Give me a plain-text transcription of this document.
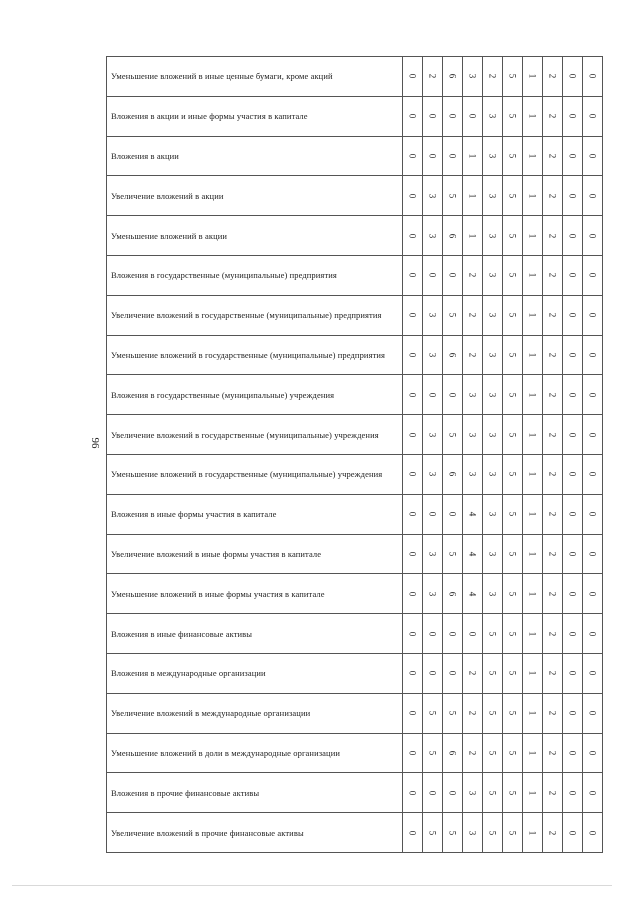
96
Уменьшение вложений в иные ценные бумаги, кроме акций	0	2	6	3	2	5	1	2	0	0

Вложения в акции и иные формы участия в капитале	0	0	0	0	3	5	1	2	0	0

Вложения в акции	0	0	0	1	3	5	1	2	0	0

Увеличение вложений в акции	0	3	5	1	3	5	1	2	0	0

Уменьшение вложений в акции	0	3	6	1	3	5	1	2	0	0

Вложения в государственные (муниципальные) предприятия	0	0	0	2	3	5	1	2	0	0

Увеличение вложений в государственные (муниципальные) предприятия	0	3	5	2	3	5	1	2	0	0

Уменьшение вложений в государственные (муниципальные) предприятия	0	3	6	2	3	5	1	2	0	0

Вложения в государственные (муниципальные) учреждения	0	0	0	3	3	5	1	2	0	0

Увеличение вложений в государственные (муниципальные) учреждения	0	3	5	3	3	5	1	2	0	0

Уменьшение вложений в государственные (муниципальные) учреждения	0	3	6	3	3	5	1	2	0	0

Вложения в иные формы участия в капитале	0	0	0	4	3	5	1	2	0	0

Увеличение вложений в иные формы участия в капитале	0	3	5	4	3	5	1	2	0	0

Уменьшение вложений в иные формы участия в капитале	0	3	6	4	3	5	1	2	0	0

Вложения в иные финансовые активы	0	0	0	0	5	5	1	2	0	0

Вложения в международные организации	0	0	0	2	5	5	1	2	0	0

Увеличение вложений в международные организации	0	5	5	2	5	5	1	2	0	0

Уменьшение вложений в доли в международные организации	0	5	6	2	5	5	1	2	0	0

Вложения в прочие финансовые активы	0	0	0	3	5	5	1	2	0	0

Увеличение вложений в прочие финансовые активы	0	5	5	3	5	5	1	2	0	0
